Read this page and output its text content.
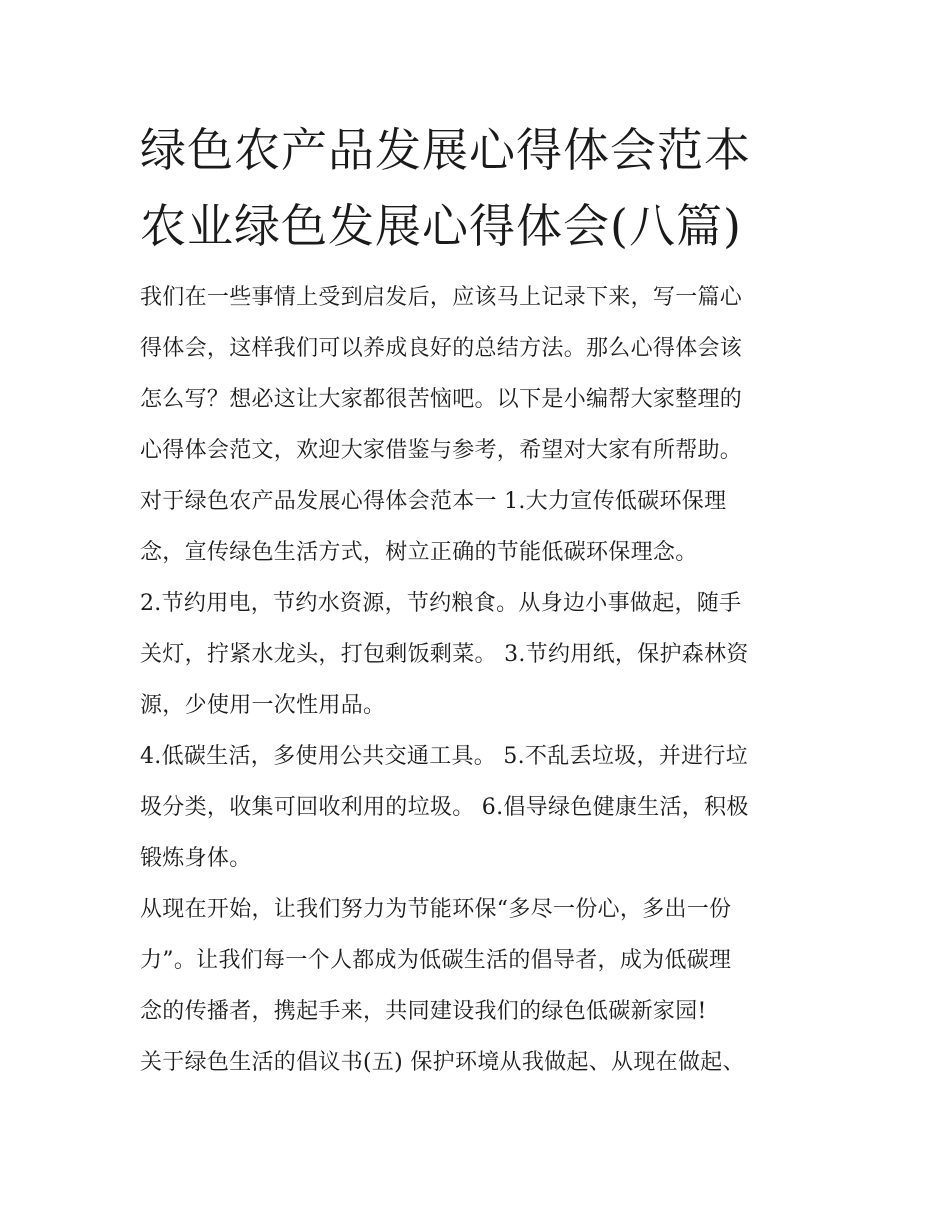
绿色农产品发展心得体会范本
农业绿色发展心得体会(八篇)

我们在一些事情上受到启发后，应该马上记录下来，写一篇心
得体会，这样我们可以养成良好的总结方法。那么心得体会该
怎么写？想必这让大家都很苦恼吧。以下是小编帮大家整理的
心得体会范文，欢迎大家借鉴与参考，希望对大家有所帮助。

对于绿色农产品发展心得体会范本一 1.大力宣传低碳环保理
念，宣传绿色生活方式，树立正确的节能低碳环保理念。

2.节约用电，节约水资源，节约粮食。从身边小事做起，随手
关灯，拧紧水龙头，打包剩饭剩菜。 3.节约用纸，保护森林资
源，少使用一次性用品。

4.低碳生活，多使用公共交通工具。 5.不乱丢垃圾，并进行垃
圾分类，收集可回收利用的垃圾。 6.倡导绿色健康生活，积极
锻炼身体。

从现在开始，让我们努力为节能环保“多尽一份心，多出一份
力”。让我们每一个人都成为低碳生活的倡导者，成为低碳理
念的传播者，携起手来，共同建设我们的绿色低碳新家园!

关于绿色生活的倡议书(五) 保护环境从我做起、从现在做起、
